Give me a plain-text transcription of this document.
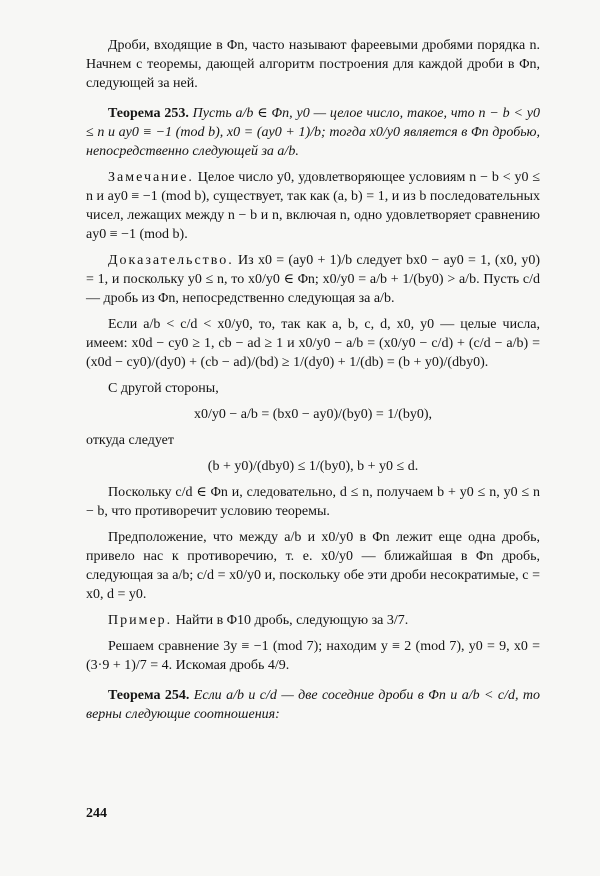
Дроби, входящие в Φn, часто называют фареевыми дробями порядка n. Начнем с теоремы, дающей алгоритм построения для каждой дроби в Φn, следующей за ней.

Теорема 253. Пусть a/b ∈ Φn, y0 — целое число, такое, что n − b < y0 ≤ n и ay0 ≡ −1 (mod b), x0 = (ay0 + 1)/b; тогда x0/y0 является в Φn дробью, непосредственно следующей за a/b.

Замечание. Целое число y0, удовлетворяющее условиям n − b < y0 ≤ n и ay0 ≡ −1 (mod b), существует, так как (a, b) = 1, и из b последовательных чисел, лежащих между n − b и n, включая n, одно удовлетворяет сравнению ay0 ≡ −1 (mod b).

Доказательство. Из x0 = (ay0 + 1)/b следует bx0 − ay0 = 1, (x0, y0) = 1, и поскольку y0 ≤ n, то x0/y0 ∈ Φn; x0/y0 = a/b + 1/(by0) > a/b. Пусть c/d — дробь из Φn, непосредственно следующая за a/b.

Если a/b < c/d < x0/y0, то, так как a, b, c, d, x0, y0 — целые числа, имеем: x0d − cy0 ≥ 1, cb − ad ≥ 1 и x0/y0 − a/b = (x0/y0 − c/d) + (c/d − a/b) = (x0d − cy0)/(dy0) + (cb − ad)/(bd) ≥ 1/(dy0) + 1/(db) = (b + y0)/(dby0).

С другой стороны,

x0/y0 − a/b = (bx0 − ay0)/(by0) = 1/(by0),

откуда следует

(b + y0)/(dby0) ≤ 1/(by0), b + y0 ≤ d.

Поскольку c/d ∈ Φn и, следовательно, d ≤ n, получаем b + y0 ≤ n, y0 ≤ n − b, что противоречит условию теоремы.

Предположение, что между a/b и x0/y0 в Φn лежит еще одна дробь, привело нас к противоречию, т. е. x0/y0 — ближайшая в Φn дробь, следующая за a/b; c/d = x0/y0 и, поскольку обе эти дроби несократимые, c = x0, d = y0.

Пример. Найти в Φ10 дробь, следующую за 3/7.

Решаем сравнение 3y ≡ −1 (mod 7); находим y ≡ 2 (mod 7), y0 = 9, x0 = (3·9 + 1)/7 = 4. Искомая дробь 4/9.

Теорема 254. Если a/b и c/d — две соседние дроби в Φn и a/b < c/d, то верны следующие соотношения:

244
